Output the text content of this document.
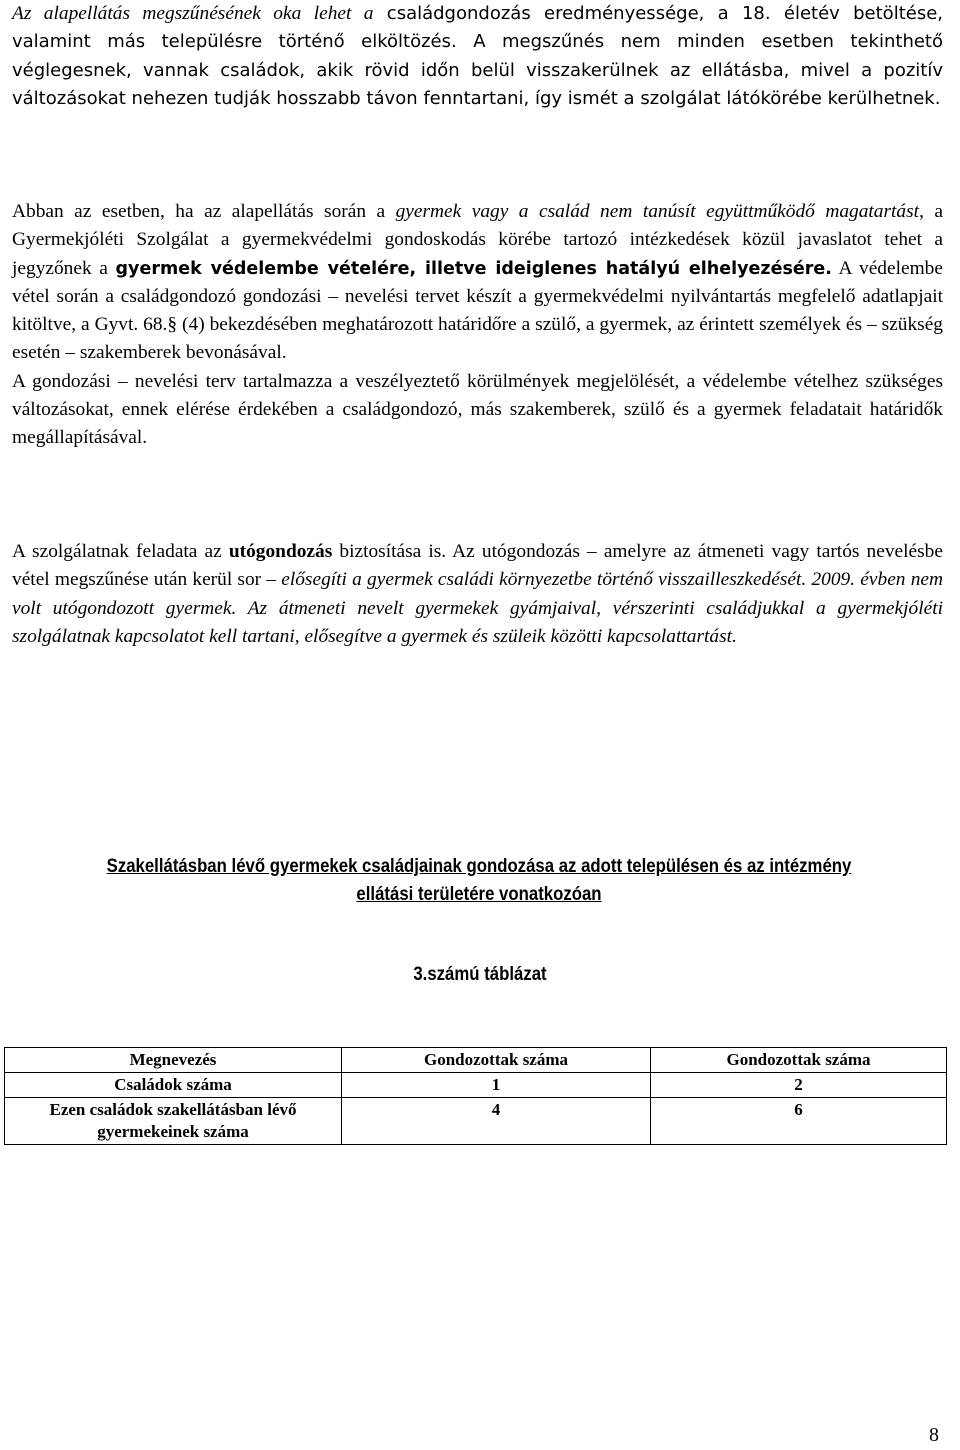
Az alapellátás megszűnésének oka lehet a családgondozás eredményessége, a 18. életév betöltése, valamint más településre történő elköltözés. A megszűnés nem minden esetben tekinthető véglegesnek, vannak családok, akik rövid időn belül visszakerülnek az ellátásba, mivel a pozitív változásokat nehezen tudják hosszabb távon fenntartani, így ismét a szolgálat látókörébe kerülhetnek.

Abban az esetben, ha az alapellátás során a gyermek vagy a család nem tanúsít együttműködő magatartást, a Gyermekjóléti Szolgálat a gyermekvédelmi gondoskodás körébe tartozó intézkedések közül javaslatot tehet a jegyzőnek a gyermek védelembe vételére, illetve ideiglenes hatályú elhelyezésére. A védelembe vétel során a családgondozó gondozási – nevelési tervet készít a gyermekvédelmi nyilvántartás megfelelő adatlapjait kitöltve, a Gyvt. 68.§ (4) bekezdésében meghatározott határidőre a szülő, a gyermek, az érintett személyek és – szükség esetén – szakemberek bevonásával.
A gondozási – nevelési terv tartalmazza a veszélyeztető körülmények megjelölését, a védelembe vételhez szükséges változásokat, ennek elérése érdekében a családgondozó, más szakemberek, szülő és a gyermek feladatait határidők megállapításával.

A szolgálatnak feladata az utógondozás biztosítása is. Az utógondozás – amelyre az átmeneti vagy tartós nevelésbe vétel megszűnése után kerül sor – elősegíti a gyermek családi környezetbe történő visszailleszkedését. 2009. évben nem volt utógondozott gyermek. Az átmeneti nevelt gyermekek gyámjaival, vérszerinti családjukkal a gyermekjóléti szolgálatnak kapcsolatot kell tartani, elősegítve a gyermek és szüleik közötti kapcsolattartást.

Szakellátásban lévő gyermekek családjainak gondozása az adott településen és az intézmény
ellátási területére vonatkozóan
3.számú táblázat
Megnevezés	Gondozottak száma	Gondozottak száma
Családok száma	1	2
Ezen családok szakellátásban lévő gyermekeinek száma	4	6
8
